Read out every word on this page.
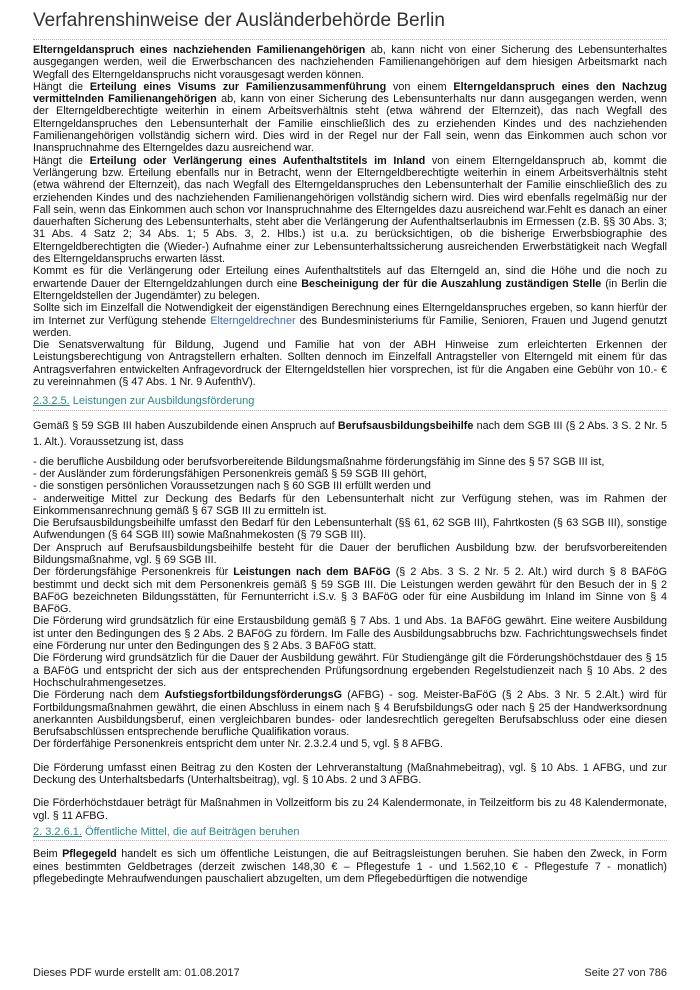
Verfahrenshinweise der Ausländerbehörde Berlin

Elterngeldanspruch eines nachziehenden Familienangehörigen ab, kann nicht von einer Sicherung des Lebensunterhaltes ausgegangen werden, weil die Erwerbschancen des nachziehenden Familienangehörigen auf dem hiesigen Arbeitsmarkt nach Wegfall des Elterngeldanspruchs nicht vorausgesagt werden können.

Hängt die Erteilung eines Visums zur Familienzusammenführung von einem Elterngeldanspruch eines den Nachzug vermittelnden Familienangehörigen ab, kann von einer Sicherung des Lebensunterhalts nur dann ausgegangen werden, wenn der Elterngeldberechtigte weiterhin in einem Arbeitsverhältnis steht (etwa während der Elternzeit), das nach Wegfall des Elterngeldanspruches den Lebensunterhalt der Familie einschließlich des zu erziehenden Kindes und des nachziehenden Familienangehörigen vollständig sichern wird. Dies wird in der Regel nur der Fall sein, wenn das Einkommen auch schon vor Inanspruchnahme des Elterngeldes dazu ausreichend war.

Hängt die Erteilung oder Verlängerung eines Aufenthaltstitels im Inland von einem Elterngeldanspruch ab, kommt die Verlängerung bzw. Erteilung ebenfalls nur in Betracht, wenn der Elterngeldberechtigte weiterhin in einem Arbeitsverhältnis steht (etwa während der Elternzeit), das nach Wegfall des Elterngeldanspruches den Lebensunterhalt der Familie einschließlich des zu erziehenden Kindes und des nachziehenden Familienangehörigen vollständig sichern wird. Dies wird ebenfalls regelmäßig nur der Fall sein, wenn das Einkommen auch schon vor Inanspruchnahme des Elterngeldes dazu ausreichend war.Fehlt es danach an einer dauerhaften Sicherung des Lebensunterhalts, steht aber die Verlängerung der Aufenthaltserlaubnis im Ermessen (z.B. §§ 30 Abs. 3; 31 Abs. 4 Satz 2; 34 Abs. 1; 5 Abs. 3, 2. Hlbs.) ist u.a. zu berücksichtigen, ob die bisherige Erwerbsbiographie des Elterngeldberechtigten die (Wieder-) Aufnahme einer zur Lebensunterhaltssicherung ausreichenden Erwerbstätigkeit nach Wegfall des Elterngeldanspruchs erwarten lässt.

Kommt es für die Verlängerung oder Erteilung eines Aufenthaltstitels auf das Elterngeld an, sind die Höhe und die noch zu erwartende Dauer der Elterngeldzahlungen durch eine Bescheinigung der für die Auszahlung zuständigen Stelle (in Berlin die Elterngeldstellen der Jugendämter) zu belegen.

Sollte sich im Einzelfall die Notwendigkeit der eigenständigen Berechnung eines Elterngeldanspruches ergeben, so kann hierfür der im Internet zur Verfügung stehende Elterngeldrechner des Bundesministeriums für Familie, Senioren, Frauen und Jugend genutzt werden.

Die Senatsverwaltung für Bildung, Jugend und Familie hat von der ABH Hinweise zum erleichterten Erkennen der Leistungsberechtigung von Antragstellern erhalten. Sollten dennoch im Einzelfall Antragsteller von Elterngeld mit einem für das Antragsverfahren entwickelten Anfragevordruck der Elterngeldstellen hier vorsprechen, ist für die Angaben eine Gebühr von 10.- € zu vereinnahmen (§ 47 Abs. 1 Nr. 9 AufenthV).

2.3.2.5. Leistungen zur Ausbildungsförderung

Gemäß § 59 SGB III haben Auszubildende einen Anspruch auf Berufsausbildungsbeihilfe nach dem SGB III (§ 2 Abs. 3 S. 2 Nr. 5 1. Alt.). Voraussetzung ist, dass

- die berufliche Ausbildung oder berufsvorbereitende Bildungsmaßnahme förderungsfähig im Sinne des § 57 SGB III ist,

- der Ausländer zum förderungsfähigen Personenkreis gemäß § 59 SGB III gehört,

- die sonstigen persönlichen Voraussetzungen nach § 60 SGB III erfüllt werden und

- anderweitige Mittel zur Deckung des Bedarfs für den Lebensunterhalt nicht zur Verfügung stehen, was im Rahmen der Einkommensanrechnung gemäß § 67 SGB III zu ermitteln ist.

Die Berufsausbildungsbeihilfe umfasst den Bedarf für den Lebensunterhalt (§§ 61, 62 SGB III), Fahrtkosten (§ 63 SGB III), sonstige Aufwendungen (§ 64 SGB III) sowie Maßnahmekosten (§ 79 SGB III).

Der Anspruch auf Berufsausbildungsbeihilfe besteht für die Dauer der beruflichen Ausbildung bzw. der berufsvorbereitenden Bildungsmaßnahme, vgl. § 69 SGB III.

Der förderungsfähige Personenkreis für Leistungen nach dem BAFöG (§ 2 Abs. 3 S. 2 Nr. 5 2. Alt.) wird durch § 8 BAFöG bestimmt und deckt sich mit dem Personenkreis gemäß § 59 SGB III. Die Leistungen werden gewährt für den Besuch der in § 2 BAFöG bezeichneten Bildungsstätten, für Fernunterricht i.S.v. § 3 BAFöG oder für eine Ausbildung im Inland im Sinne von § 4 BAFöG.

Die Förderung wird grundsätzlich für eine Erstausbildung gemäß § 7 Abs. 1 und Abs. 1a BAFöG gewährt. Eine weitere Ausbildung ist unter den Bedingungen des § 2 Abs. 2 BAFöG zu fördern. Im Falle des Ausbildungsabbruchs bzw. Fachrichtungswechsels findet eine Förderung nur unter den Bedingungen des § 2 Abs. 3 BAFöG statt.

Die Förderung wird grundsätzlich für die Dauer der Ausbildung gewährt. Für Studiengänge gilt die Förderungshöchstdauer des § 15 a BAFöG und entspricht der sich aus der entsprechenden Prüfungsordnung ergebenden Regelstudienzeit nach § 10 Abs. 2 des Hochschulrahmengesetzes.

Die Förderung nach dem AufstiegsfortbildungsförderungsG (AFBG) - sog. Meister-BaFöG (§ 2 Abs. 3 Nr. 5 2.Alt.) wird für Fortbildungsmaßnahmen gewährt, die einen Abschluss in einem nach § 4 BerufsbildungsG oder nach § 25 der Handwerksordnung anerkannten Ausbildungsberuf, einen vergleichbaren bundes- oder landesrechtlich geregelten Berufsabschluss oder eine diesen Berufsabschlüssen entsprechende berufliche Qualifikation voraus.

Der förderfähige Personenkreis entspricht dem unter Nr. 2.3.2.4 und 5, vgl. § 8 AFBG.

Die Förderung umfasst einen Beitrag zu den Kosten der Lehrveranstaltung (Maßnahmebeitrag), vgl. § 10 Abs. 1 AFBG, und zur Deckung des Unterhaltsbedarfs (Unterhaltsbeitrag), vgl. § 10 Abs. 2 und 3 AFBG.

Die Förderhöchstdauer beträgt für Maßnahmen in Vollzeitform bis zu 24 Kalendermonate, in Teilzeitform bis zu 48 Kalendermonate, vgl. § 11 AFBG.

2. 3.2.6.1. Öffentliche Mittel, die auf Beiträgen beruhen

Beim Pflegegeld handelt es sich um öffentliche Leistungen, die auf Beitragsleistungen beruhen. Sie haben den Zweck, in Form eines bestimmten Geldbetrages (derzeit zwischen 148,30 € – Pflegestufe 1 - und 1.562,10 € - Pflegestufe 7 - monatlich) pflegebedingte Mehraufwendungen pauschaliert abzugelten, um dem Pflegebedürftigen die notwendige

Dieses PDF wurde erstellt am: 01.08.2017	Seite 27 von 786
